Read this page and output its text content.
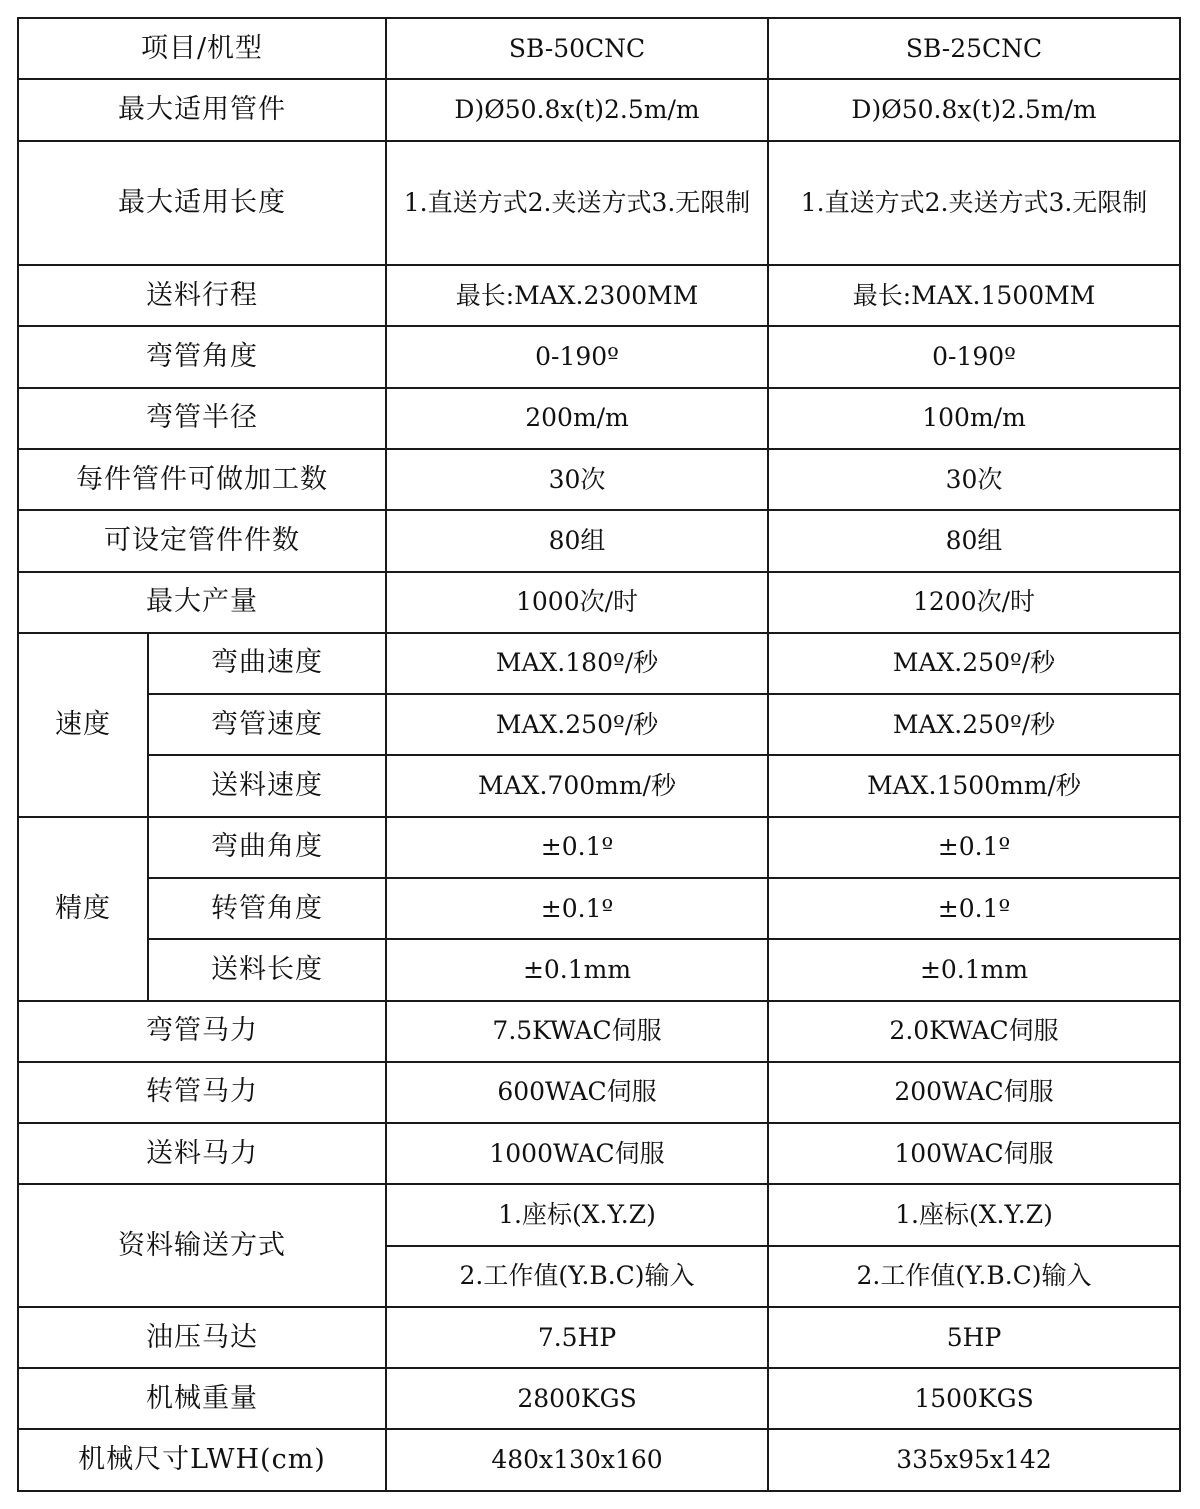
项目/机型		SB-50CNC	SB-25CNC
最大适用管件		D)Ø50.8x(t)2.5m/m	D)Ø50.8x(t)2.5m/m
最大适用长度		1.直送方式2.夹送方式3.无限制	1.直送方式2.夹送方式3.无限制
送料行程		最长:MAX.2300MM	最长:MAX.1500MM
弯管角度		0-190º	0-190º
弯管半径		200m/m	100m/m
每件管件可做加工数		30次	30次
可设定管件件数		80组	80组
最大产量		1000次/时	1200次/时
速度	弯曲速度	MAX.180º/秒	MAX.250º/秒
	弯管速度	MAX.250º/秒	MAX.250º/秒
	送料速度	MAX.700mm/秒	MAX.1500mm/秒
精度	弯曲角度	±0.1º	±0.1º
	转管角度	±0.1º	±0.1º
	送料长度	±0.1mm	±0.1mm
弯管马力		7.5KWAC伺服	2.0KWAC伺服
转管马力		600WAC伺服	200WAC伺服
送料马力		1000WAC伺服	100WAC伺服
资料输送方式		1.座标(X.Y.Z)	1.座标(X.Y.Z)
		2.工作值(Y.B.C)输入	2.工作值(Y.B.C)输入
油压马达		7.5HP	5HP
机械重量		2800KGS	1500KGS
机械尺寸LWH(cm)		480x130x160	335x95x142
